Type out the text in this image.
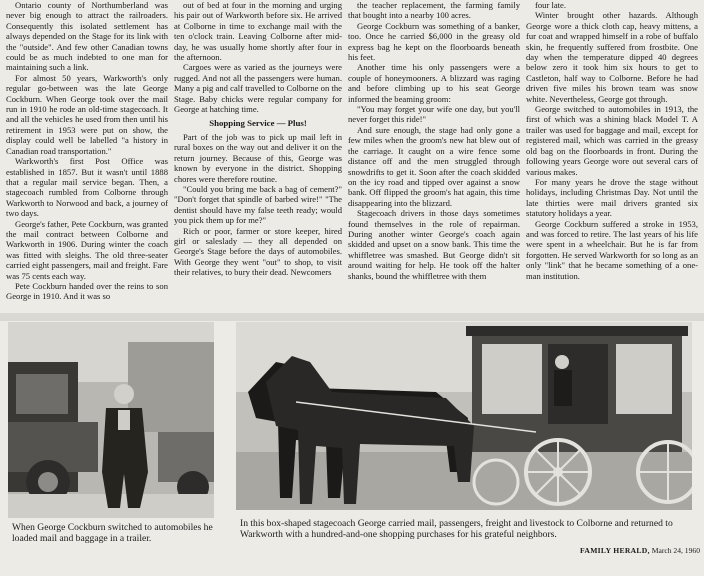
Ontario county of Northumberland was never big enough to attract the railroaders. Consequently this isolated settlement has always depended on the Stage for its link with the "outside". And few other Canadian towns could be as much indebted to one man for maintaining such a link.

For almost 50 years, Warkworth's only regular go-between was the late George Cockburn. When George took over the mail run in 1910 he rode an old-time stagecoach. It and all the vehicles he used from then until his retirement in 1953 were put on show, the display could well be labelled "a history in Canadian road transportation."

Warkworth's first Post Office was established in 1857. But it wasn't until 1888 that a regular mail service began. Then, a stagecoach rumbled from Colborne through Warkworth to Norwood and back, a journey of two days.

George's father, Pete Cockburn, was granted the mail contract between Colborne and Warkworth in 1906. During winter the coach was fitted with sleighs. The old three-seater carried eight passengers, mail and freight. Fare was 75 cents each way.

Pete Cockburn handed over the reins to son George in 1910. And it was so

out of bed at four in the morning and urging his pair out of Warkworth before six. He arrived at Colborne in time to exchange mail with the ten o'clock train. Leaving Colborne after mid-day, he was usually home shortly after four in the afternoon.

Cargoes were as varied as the journeys were rugged. And not all the passengers were human. Many a pig and calf travelled to Colborne on the Stage. Baby chicks were regular company for George at hatching time.

Shopping Service — Plus!

Part of the job was to pick up mail left in rural boxes on the way out and deliver it on the return journey. Because of this, George was known by everyone in the district. Shopping chores were therefore routine.

"Could you bring me back a bag of cement?" "Don't forget that spindle of barbed wire!" "The dentist should have my false teeth ready; would you pick them up for me?"

Rich or poor, farmer or store keeper, hired girl or saleslady — they all depended on George's Stage before the days of automobiles. With George they went "out" to shop, to visit their relatives, to bury their dead. Newcomers

the teacher replacement, the farming family that bought into a nearby 100 acres.

George Cockburn was something of a banker, too. Once he carried $6,000 in the greasy old express bag he kept on the floorboards beneath his feet.

Another time his only passengers were a couple of honeymooners. A blizzard was raging and before climbing up to his seat George informed the beaming groom:

"You may forget your wife one day, but you'll never forget this ride!"

And sure enough, the stage had only gone a few miles when the groom's new hat blew out of the carriage. It caught on a wire fence some distance off and the men struggled through snowdrifts to get it. Soon after the coach skidded on the icy road and tipped over against a snow bank. Off flipped the groom's hat again, this time disappearing into the blizzard.

Stagecoach drivers in those days sometimes found themselves in the role of repairman. During another winter George's coach again skidded and upset on a snow bank. This time the whiffletree was smashed. But George didn't sit around waiting for help. He took off the halter shanks, bound the whiffletree with them

four late.

Winter brought other hazards. Although George wore a thick cloth cap, heavy mittens, a fur coat and wrapped himself in a robe of buffalo skin, he frequently suffered from frostbite. One day when the temperature dipped 40 degrees below zero it took him six hours to get to Castleton, half way to Colborne. Before he had driven five miles his brown team was snow white. Nevertheless, George got through.

George switched to automobiles in 1913, the first of which was a shining black Model T. A trailer was used for baggage and mail, except for registered mail, which was carried in the greasy old bag on the floorboards in front. During the following years George wore out several cars of various makes.

For many years he drove the stage without holidays, including Christmas Day. Not until the late thirties were mail drivers granted six statutory holidays a year.

George Cockburn suffered a stroke in 1953, and was forced to retire. The last years of his life were spent in a wheelchair. But he is far from forgotten. He served Warkworth for so long as an only "link" that he became something of a one-man institution.

When George Cockburn switched to automobiles he loaded mail and baggage in a trailer.
In this box-shaped stagecoach George carried mail, passengers, freight and livestock to Colborne and returned to Warkworth with a hundred-and-one shopping purchases for his grateful neighbors.
FAMILY HERALD, March 24, 1960
